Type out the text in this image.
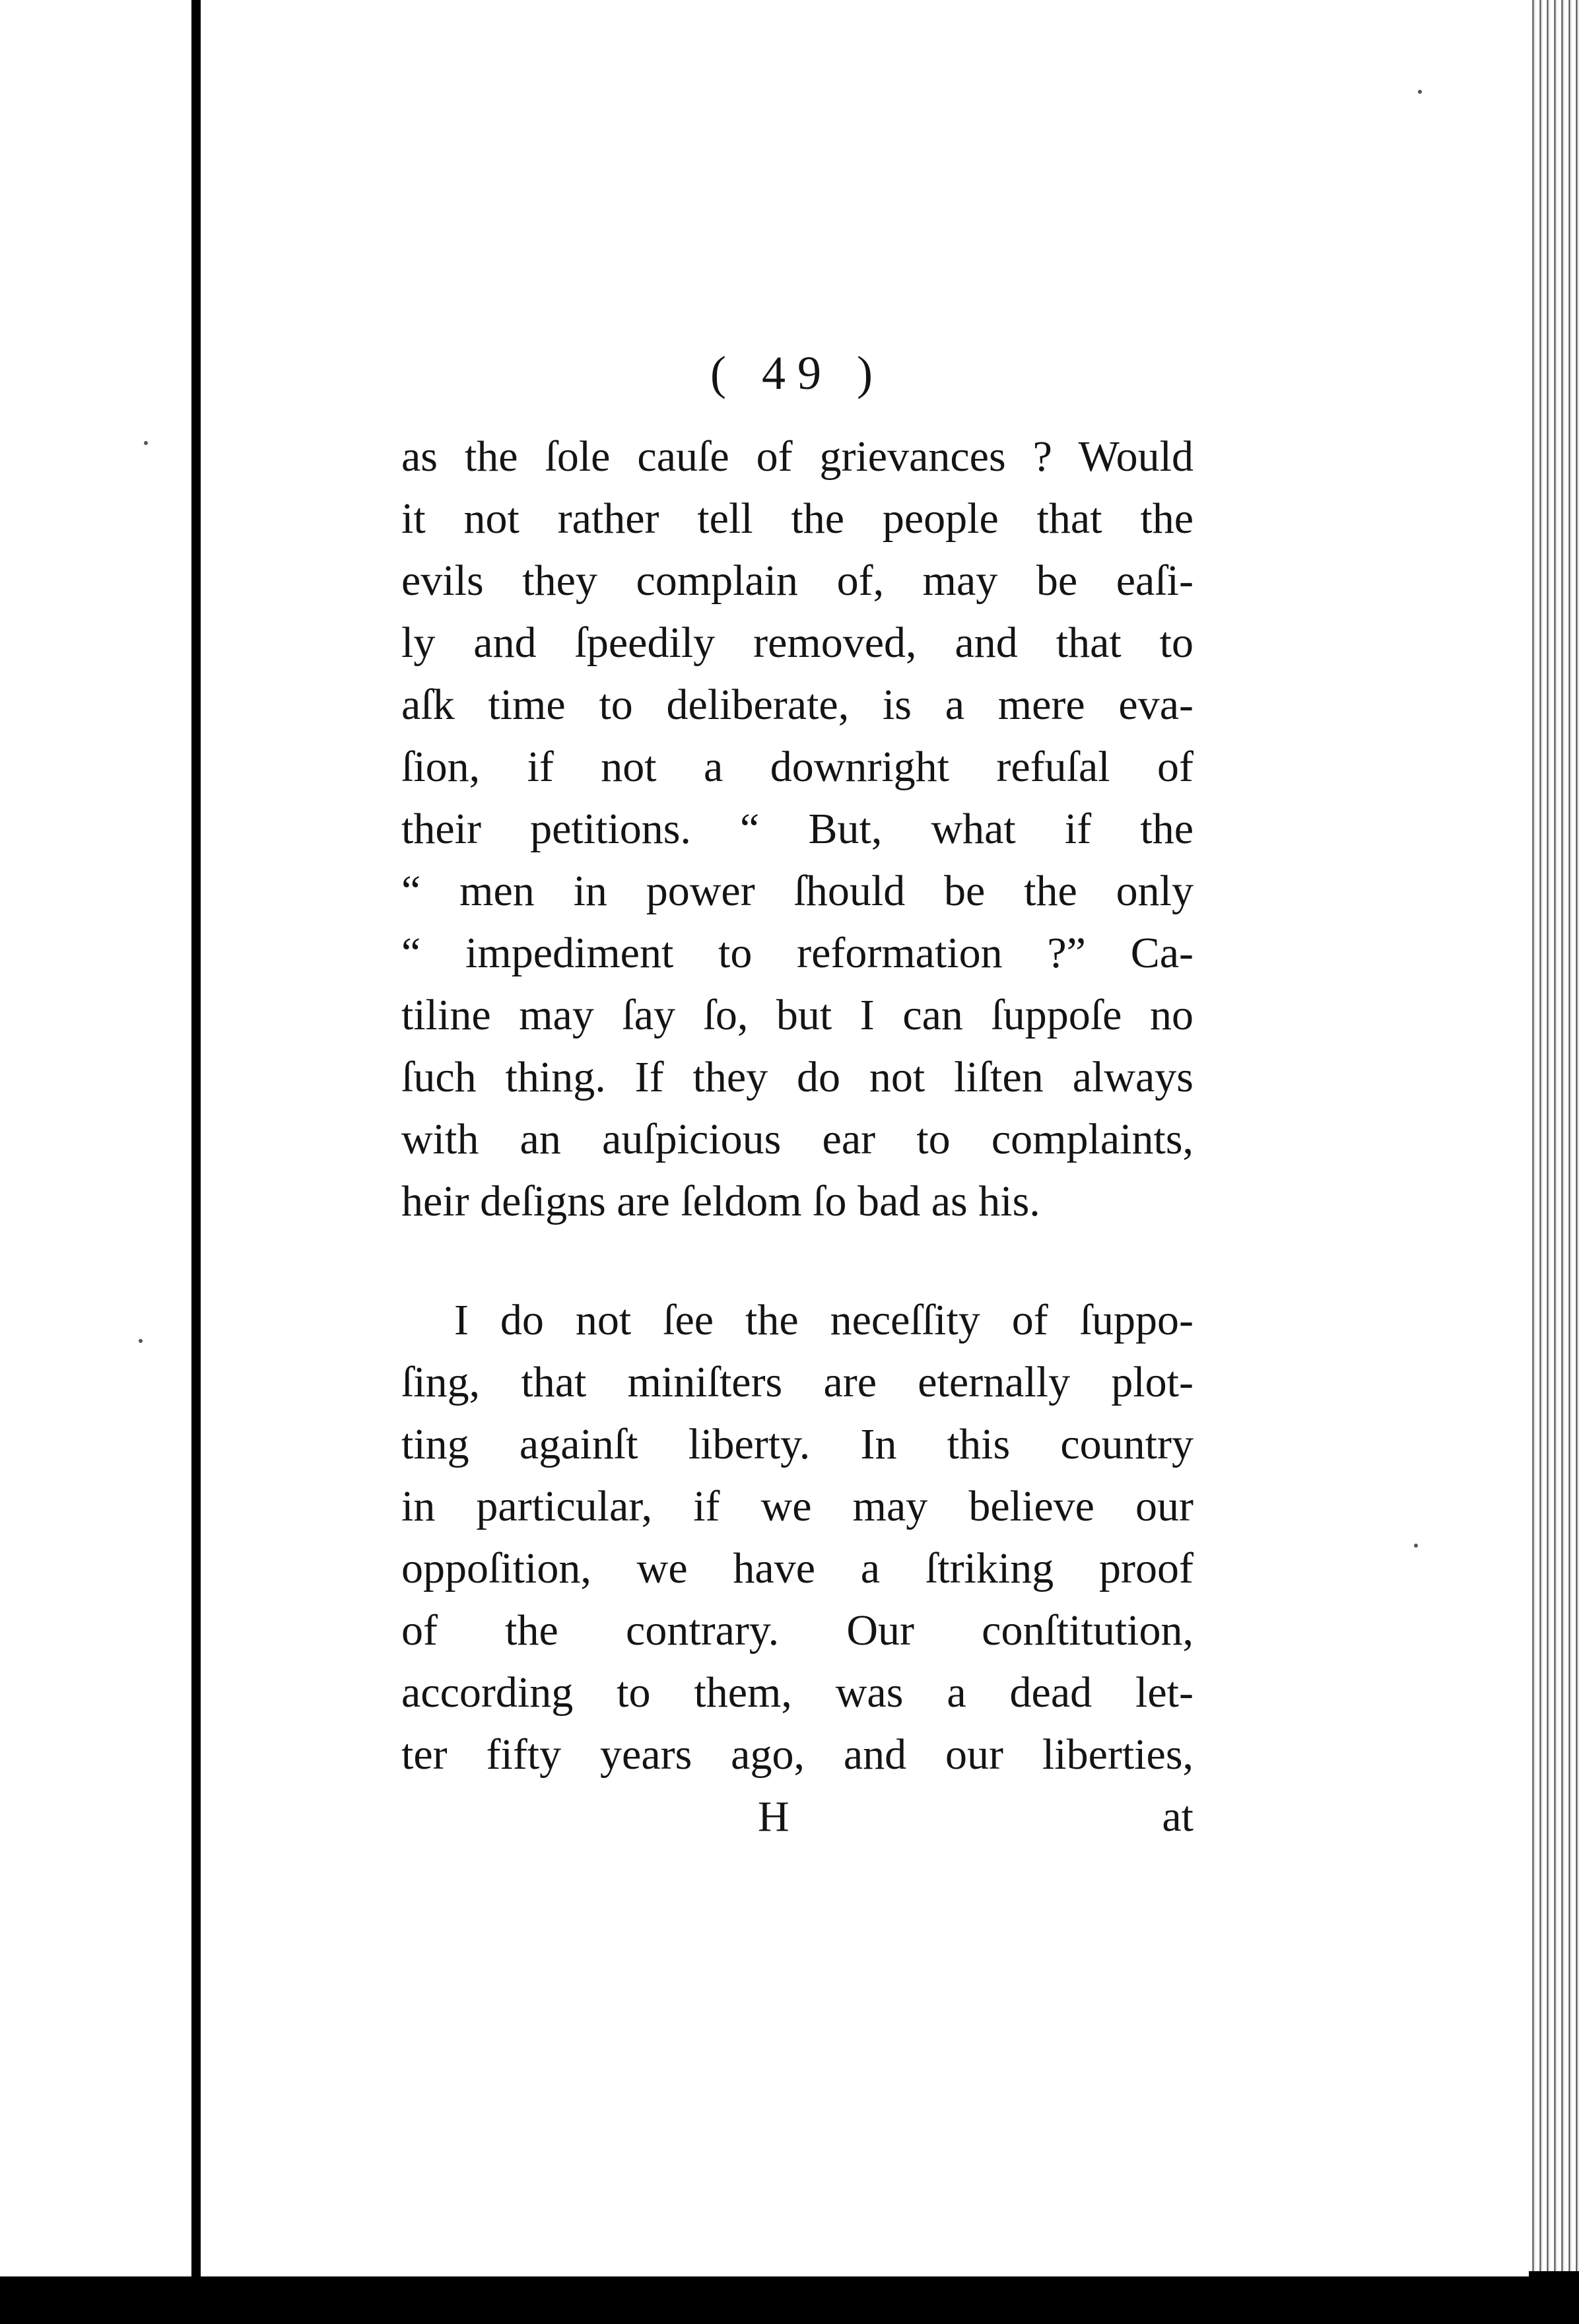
( 49 )
as the ſole cauſe of grievances ? Would
it not rather tell the people that the
evils they complain of, may be eaſi-
ly and ſpeedily removed, and that to
aſk time to deliberate, is a mere eva-
ſion, if not a downright refuſal of
their petitions. “ But, what if the
“ men in power ſhould be the only
“ impediment to reformation ?” Ca-
tiline may ſay ſo, but I can ſuppoſe no
ſuch thing. If they do not liſten always
with an auſpicious ear to complaints,
heir deſigns are ſeldom ſo bad as his.
I do not ſee the neceſſity of ſuppo-
ſing, that miniſters are eternally plot-
ting againſt liberty. In this country
in particular, if we may believe our
oppoſition, we have a ſtriking proof
of the contrary. Our conſtitution,
according to them, was a dead let-
ter fifty years ago, and our liberties,
H	at
